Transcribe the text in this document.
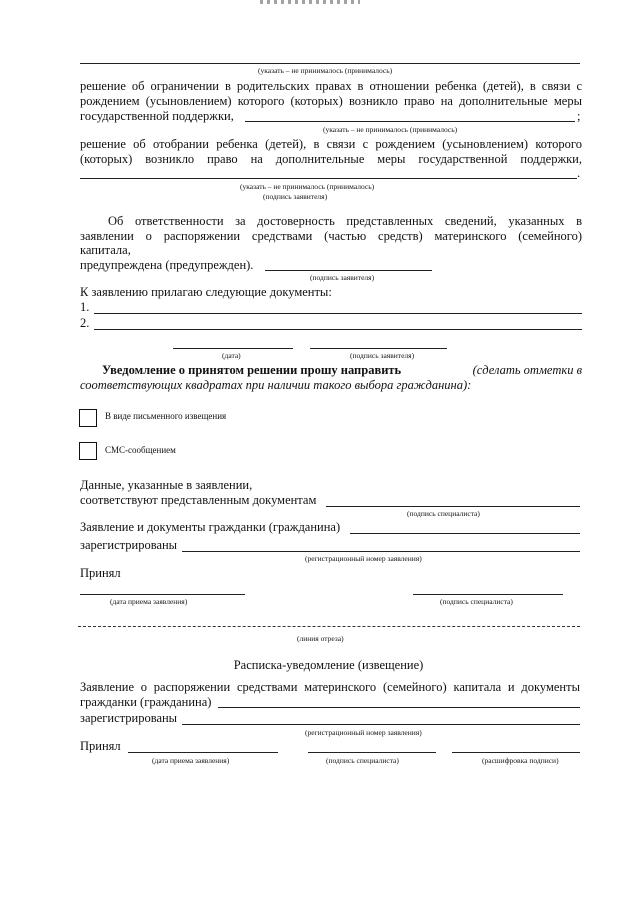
(указать – не принималось (принималось)
решение об ограничении в родительских правах в отношении ребенка (детей), в связи с
рождением (усыновлением) которого (которых) возникло право на дополнительные меры
государственной поддержки,	;
(указать – не принималось (принималось)
решение об отобрании ребенка (детей), в связи с рождением (усыновлением) которого
(которых) возникло право на дополнительные меры государственной поддержки,
.
(указать – не принималось (принималось)
(подпись заявителя)
Об ответственности за достоверность представленных сведений, указанных в
заявлении о распоряжении средствами (частью средств) материнского (семейного)
капитала,
предупреждена (предупрежден).
(подпись заявителя)
К заявлению прилагаю следующие документы:
1.
2.
(дата)	(подпись заявителя)
Уведомление о принятом решении прошу направить	(сделать отметки в
соответствующих квадратах при наличии такого выбора гражданина):
В виде письменного извещения
СМС-сообщением
Данные, указанные в заявлении,
соответствуют представленным документам
(подпись специалиста)
Заявление и документы гражданки (гражданина)
зарегистрированы
(регистрационный номер заявления)
Принял
(дата приема заявления)	(подпись специалиста)
(линия отреза)
Расписка-уведомление (извещение)
Заявление о распоряжении средствами материнского (семейного) капитала и документы
гражданки (гражданина)
зарегистрированы
(регистрационный номер заявления)
Принял
(дата приема заявления)	(подпись специалиста)	(расшифровка подписи)
